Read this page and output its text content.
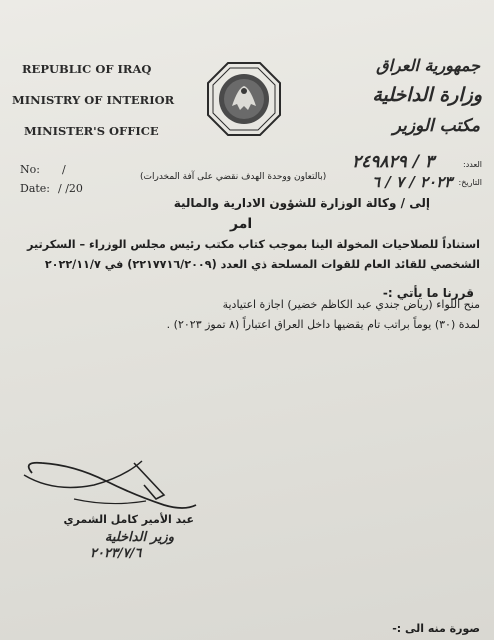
REPUBLIC OF IRAQ
MINISTRY OF INTERIOR
MINISTER'S OFFICE
جمهورية العراق
وزارة الداخلية
مكتب الوزير
No: /
Date: / /20
العدد:
٣ / ٢٤٩٨٢٩
التاريخ:
٢٠٢٣ / ٧ / ٦
(بالتعاون ووحدة الهدف نقضي على آفة المخدرات)
إلى / وكالة الوزارة للشؤون الادارية والمالية
امر
استناداً للصلاحيات المخولة الينا بموجب كتاب مكتب رئيس مجلس الوزراء – السكرتير
الشخصي للقائد العام للقوات المسلحة ذي العدد (٢٢١٧٧١٦/٢٠٠٩) في ٢٠٢٢/١١/٧
قررنا ما يأتي :-
منح اللواء (رياض جندي عبد الكاظم خضير) اجازة اعتيادية
لمدة (٣٠) يوماً براتب تام يقضيها داخل العراق اعتباراً (٨ تموز ٢٠٢٣) .
عبد الأمير كامل الشمري
وزير الداخلية
٢٠٢٣/٧/٦
صورة منه الى :-
